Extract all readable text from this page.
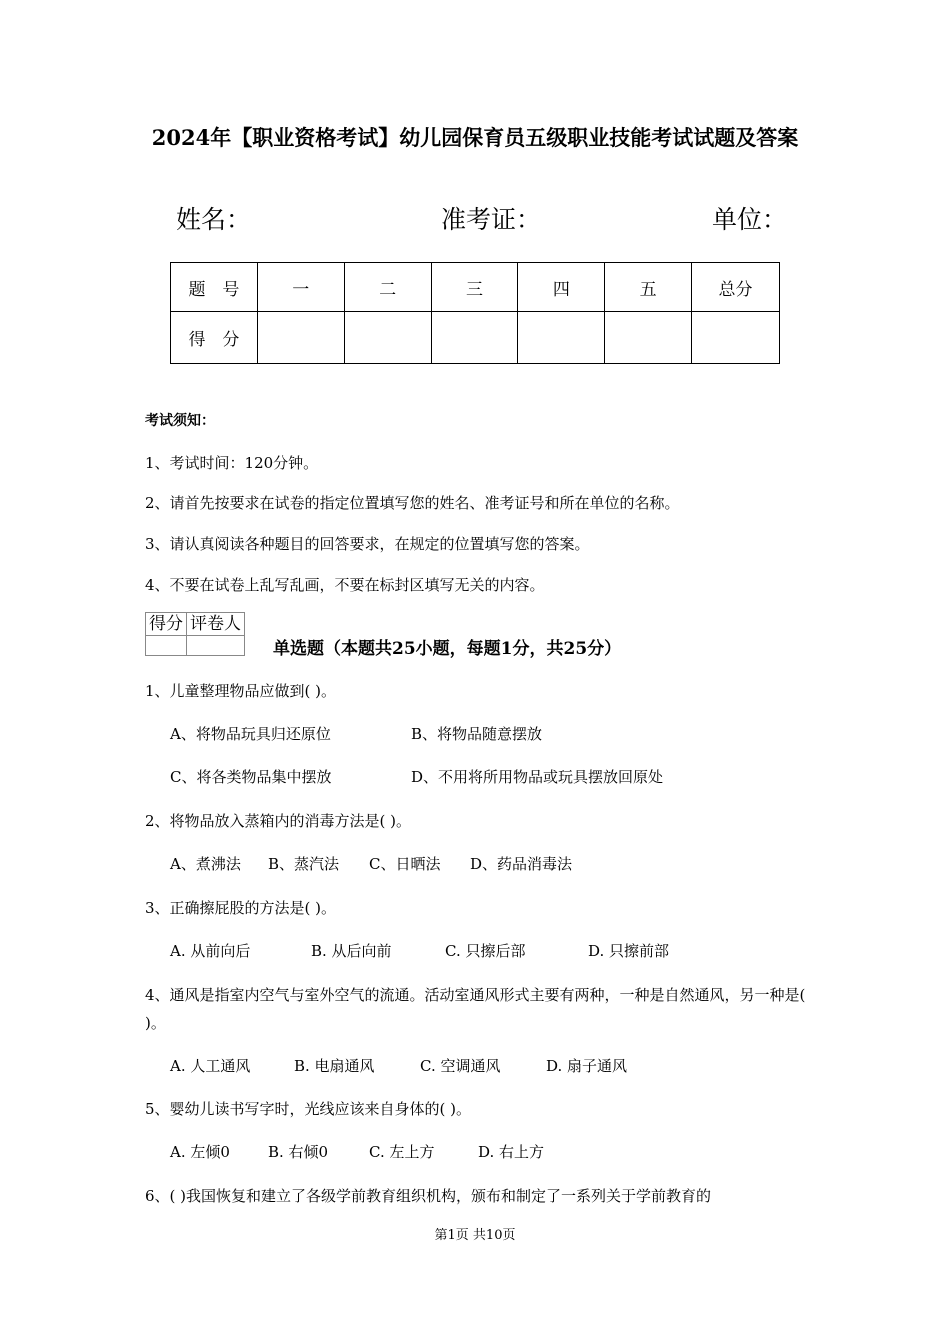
2024年【职业资格考试】幼儿园保育员五级职业技能考试试题及答案
姓名：	准考证：	单位：
题　号	一	二	三	四	五	总分
得　分						
考试须知：
1、考试时间：120分钟。
2、请首先按要求在试卷的指定位置填写您的姓名、准考证号和所在单位的名称。
3、请认真阅读各种题目的回答要求，在规定的位置填写您的答案。
4、不要在试卷上乱写乱画，不要在标封区填写无关的内容。
得分	评卷人

单选题（本题共25小题，每题1分，共25分）
1、儿童整理物品应做到( )。
A、将物品玩具归还原位	B、将物品随意摆放
C、将各类物品集中摆放	D、不用将所用物品或玩具摆放回原处
2、将物品放入蒸箱内的消毒方法是( )。
A、煮沸法 B、蒸汽法 C、日晒法 D、药品消毒法
3、正确擦屁股的方法是( )。
A. 从前向后	B. 从后向前	C. 只擦后部	D. 只擦前部
4、通风是指室内空气与室外空气的流通。活动室通风形式主要有两种，一种是自然通风，另一种是( )。
A. 人工通风	B. 电扇通风	C. 空调通风	D. 扇子通风
5、婴幼儿读书写字时，光线应该来自身体的( )。
A. 左倾0	B. 右倾0	C. 左上方	D. 右上方
6、( )我国恢复和建立了各级学前教育组织机构，颁布和制定了一系列关于学前教育的
第1页 共10页
